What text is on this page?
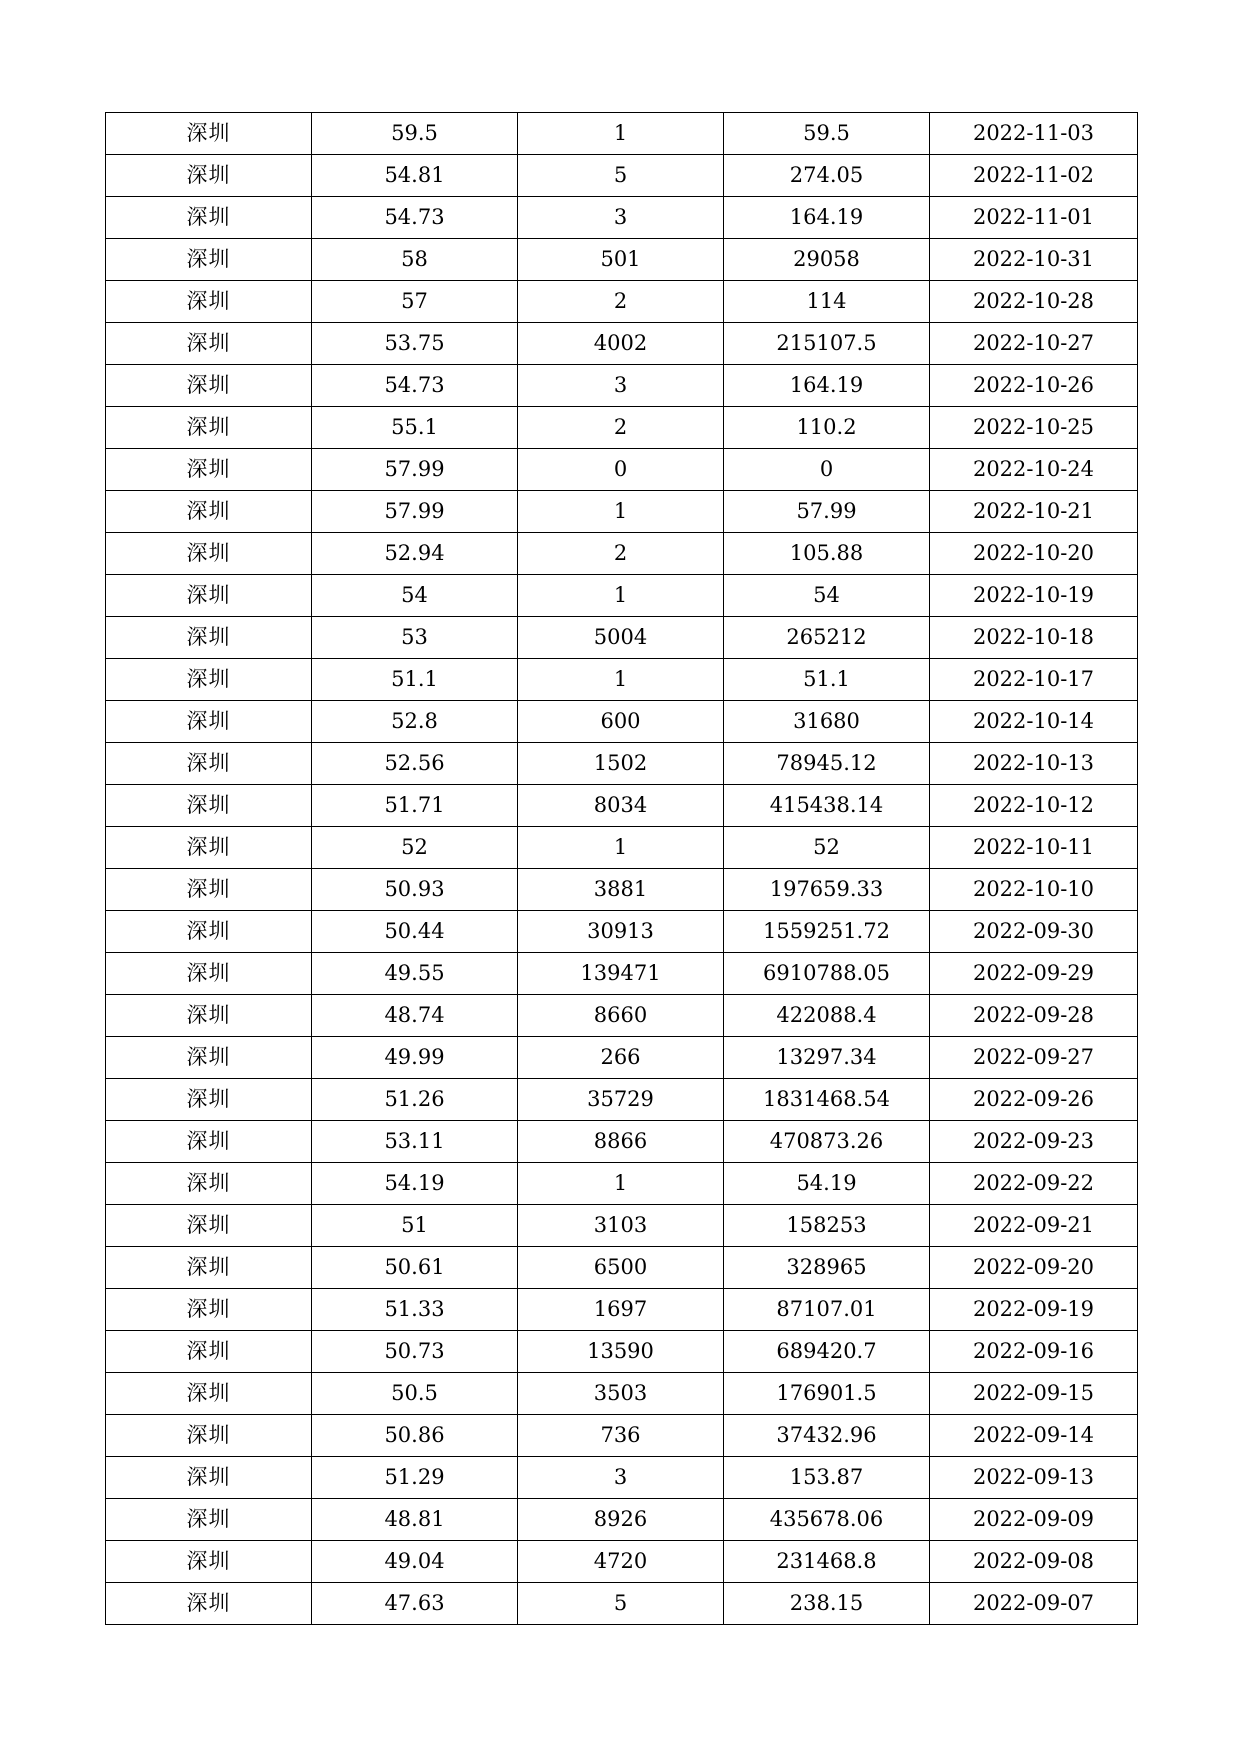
深圳	59.5	1	59.5	2022-11-03
深圳	54.81	5	274.05	2022-11-02
深圳	54.73	3	164.19	2022-11-01
深圳	58	501	29058	2022-10-31
深圳	57	2	114	2022-10-28
深圳	53.75	4002	215107.5	2022-10-27
深圳	54.73	3	164.19	2022-10-26
深圳	55.1	2	110.2	2022-10-25
深圳	57.99	0	0	2022-10-24
深圳	57.99	1	57.99	2022-10-21
深圳	52.94	2	105.88	2022-10-20
深圳	54	1	54	2022-10-19
深圳	53	5004	265212	2022-10-18
深圳	51.1	1	51.1	2022-10-17
深圳	52.8	600	31680	2022-10-14
深圳	52.56	1502	78945.12	2022-10-13
深圳	51.71	8034	415438.14	2022-10-12
深圳	52	1	52	2022-10-11
深圳	50.93	3881	197659.33	2022-10-10
深圳	50.44	30913	1559251.72	2022-09-30
深圳	49.55	139471	6910788.05	2022-09-29
深圳	48.74	8660	422088.4	2022-09-28
深圳	49.99	266	13297.34	2022-09-27
深圳	51.26	35729	1831468.54	2022-09-26
深圳	53.11	8866	470873.26	2022-09-23
深圳	54.19	1	54.19	2022-09-22
深圳	51	3103	158253	2022-09-21
深圳	50.61	6500	328965	2022-09-20
深圳	51.33	1697	87107.01	2022-09-19
深圳	50.73	13590	689420.7	2022-09-16
深圳	50.5	3503	176901.5	2022-09-15
深圳	50.86	736	37432.96	2022-09-14
深圳	51.29	3	153.87	2022-09-13
深圳	48.81	8926	435678.06	2022-09-09
深圳	49.04	4720	231468.8	2022-09-08
深圳	47.63	5	238.15	2022-09-07
